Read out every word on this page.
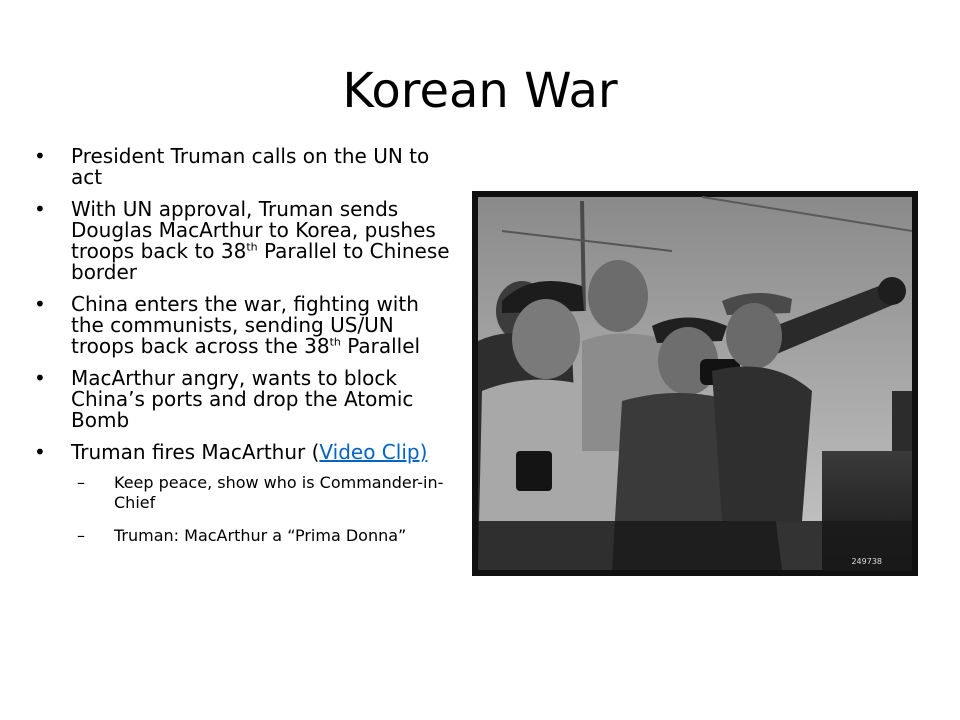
Korean War
• President Truman calls on the UN to act
• With UN approval, Truman sends Douglas MacArthur to Korea, pushes troops back to 38th Parallel to Chinese border
• China enters the war, fighting with the communists, sending US/UN troops back across the 38th Parallel
• MacArthur angry, wants to block China’s ports and drop the Atomic Bomb
• Truman fires MacArthur (Video Clip)
– Keep peace, show who is Commander-in-Chief
– Truman: MacArthur a “Prima Donna”
249738
